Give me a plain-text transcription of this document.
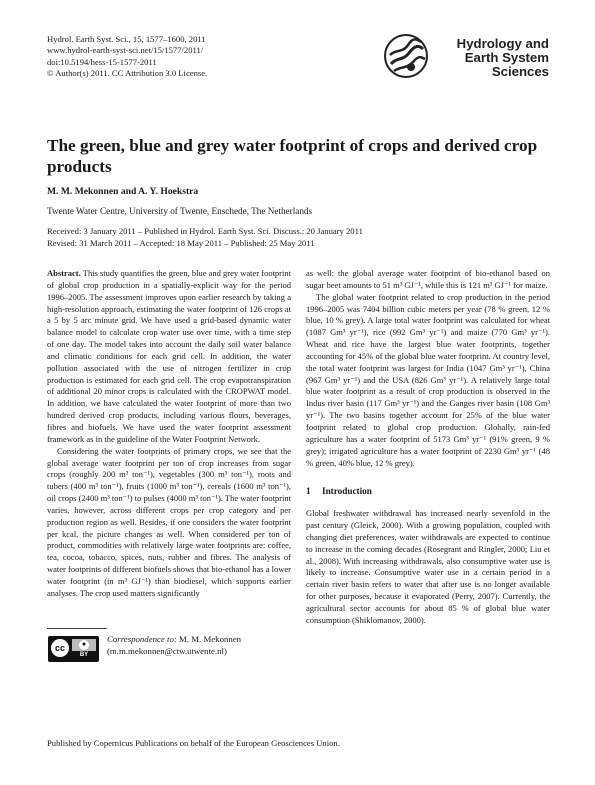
Hydrol. Earth Syst. Sci., 15, 1577–1600, 2011
www.hydrol-earth-syst-sci.net/15/1577/2011/
doi:10.5194/hess-15-1577-2011
© Author(s) 2011. CC Attribution 3.0 License.
Hydrology and
Earth System
Sciences
The green, blue and grey water footprint of crops and derived crop products
M. M. Mekonnen and A. Y. Hoekstra
Twente Water Centre, University of Twente, Enschede, The Netherlands
Received: 3 January 2011 – Published in Hydrol. Earth Syst. Sci. Discuss.: 20 January 2011
Revised: 31 March 2011 – Accepted: 18 May 2011 – Published: 25 May 2011

Abstract. This study quantifies the green, blue and grey water footprint of global crop production in a spatially-explicit way for the period 1996–2005. The assessment improves upon earlier research by taking a high-resolution approach, estimating the water footprint of 126 crops at a 5 by 5 arc minute grid. We have used a grid-based dynamic water balance model to calculate crop water use over time, with a time step of one day. The model takes into account the daily soil water balance and climatic conditions for each grid cell. In addition, the water pollution associated with the use of nitrogen fertilizer in crop production is estimated for each grid cell. The crop evapotranspiration of additional 20 minor crops is calculated with the CROPWAT model. In addition, we have calculated the water footprint of more than two hundred derived crop products, including various flours, beverages, fibres and biofuels. We have used the water footprint assessment framework as in the guideline of the Water Footprint Network.

Considering the water footprints of primary crops, we see that the global average water footprint per ton of crop increases from sugar crops (roughly 200 m³ ton⁻¹), vegetables (300 m³ ton⁻¹), roots and tubers (400 m³ ton⁻¹), fruits (1000 m³ ton⁻¹), cereals (1600 m³ ton⁻¹), oil crops (2400 m³ ton⁻¹) to pulses (4000 m³ ton⁻¹). The water footprint varies, however, across different crops per crop category and per production region as well. Besides, if one considers the water footprint per kcal, the picture changes as well. When considered per ton of product, commodities with relatively large water footprints are: coffee, tea, cocoa, tobacco, spices, nuts, rubber and fibres. The analysis of water footprints of different biofuels shows that bio-ethanol has a lower water footprint (in m³ GJ⁻¹) than biodiesel, which supports earlier analyses. The crop used matters significantly

as well: the global average water footprint of bio-ethanol based on sugar beet amounts to 51 m³ GJ⁻¹, while this is 121 m³ GJ⁻¹ for maize.

The global water footprint related to crop production in the period 1996–2005 was 7404 billion cubic meters per year (78 % green, 12 % blue, 10 % grey). A large total water footprint was calculated for wheat (1087 Gm³ yr⁻¹), rice (992 Gm³ yr⁻¹) and maize (770 Gm³ yr⁻¹). Wheat and rice have the largest blue water footprints, together accounting for 45% of the global blue water footprint. At country level, the total water footprint was largest for India (1047 Gm³ yr⁻¹), China (967 Gm³ yr⁻¹) and the USA (826 Gm³ yr⁻¹). A relatively large total blue water footprint as a result of crop production is observed in the Indus river basin (117 Gm³ yr⁻¹) and the Ganges river basin (108 Gm³ yr⁻¹). The two basins together account for 25% of the blue water footprint related to global crop production. Globally, rain-fed agriculture has a water footprint of 5173 Gm³ yr⁻¹ (91% green, 9 % grey); irrigated agriculture has a water footprint of 2230 Gm³ yr⁻¹ (48 % green, 40% blue, 12 % grey).

1 Introduction

Global freshwater withdrawal has increased nearly sevenfold in the past century (Gleick, 2000). With a growing population, coupled with changing diet preferences, water withdrawals are expected to continue to increase in the coming decades (Rosegrant and Ringler, 2000; Liu et al., 2008). With increasing withdrawals, also consumptive water use is likely to increase. Consumptive water use in a certain period in a certain river basin refers to water that after use is no longer available for other purposes, because it evaporated (Perry, 2007). Currently, the agricultural sector accounts for about 85 % of global blue water consumption (Shiklomanov, 2000).

cc	●
BY
Correspondence to: M. M. Mekonnen
(m.m.mekonnen@ctw.utwente.nl)
Published by Copernicus Publications on behalf of the European Geosciences Union.
